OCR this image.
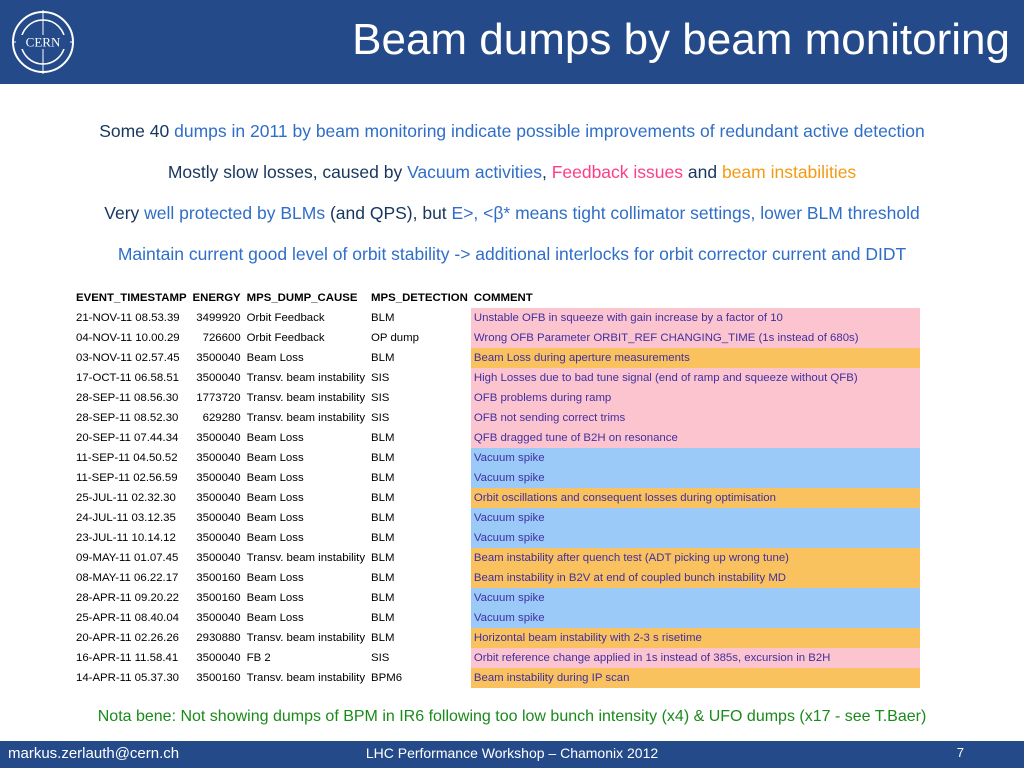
CERN	Beam dumps by beam monitoring
Some 40 dumps in 2011 by beam monitoring indicate possible improvements of redundant active detection
Mostly slow losses, caused by Vacuum activities, Feedback issues and beam instabilities
Very well protected by BLMs (and QPS), but E>, <β* means tight collimator settings, lower BLM threshold
Maintain current good level of orbit stability -> additional interlocks for orbit corrector current and DIDT
EVENT_TIMESTAMP	ENERGY	MPS_DUMP_CAUSE	MPS_DETECTION	COMMENT
21-NOV-11 08.53.39	3499920	Orbit Feedback	BLM	Unstable OFB in squeeze with gain increase by a factor of 10
04-NOV-11 10.00.29	726600	Orbit Feedback	OP dump	Wrong OFB Parameter ORBIT_REF CHANGING_TIME (1s instead of 680s)
03-NOV-11 02.57.45	3500040	Beam Loss	BLM	Beam Loss during aperture measurements
17-OCT-11 06.58.51	3500040	Transv. beam instability	SIS	High Losses due to bad tune signal (end of ramp and squeeze without QFB)
28-SEP-11 08.56.30	1773720	Transv. beam instability	SIS	OFB problems during ramp
28-SEP-11 08.52.30	629280	Transv. beam instability	SIS	OFB not sending correct trims
20-SEP-11 07.44.34	3500040	Beam Loss	BLM	QFB dragged tune of B2H on resonance
11-SEP-11 04.50.52	3500040	Beam Loss	BLM	Vacuum spike
11-SEP-11 02.56.59	3500040	Beam Loss	BLM	Vacuum spike
25-JUL-11 02.32.30	3500040	Beam Loss	BLM	Orbit oscillations and consequent losses during optimisation
24-JUL-11 03.12.35	3500040	Beam Loss	BLM	Vacuum spike
23-JUL-11 10.14.12	3500040	Beam Loss	BLM	Vacuum spike
09-MAY-11 01.07.45	3500040	Transv. beam instability	BLM	Beam instability after quench test (ADT picking up wrong tune)
08-MAY-11 06.22.17	3500160	Beam Loss	BLM	Beam instability in B2V at end of coupled bunch instability MD
28-APR-11 09.20.22	3500160	Beam Loss	BLM	Vacuum spike
25-APR-11 08.40.04	3500040	Beam Loss	BLM	Vacuum spike
20-APR-11 02.26.26	2930880	Transv. beam instability	BLM	Horizontal beam instability with 2-3 s risetime
16-APR-11 11.58.41	3500040	FB 2	SIS	Orbit reference change applied in 1s instead of 385s, excursion in B2H
14-APR-11 05.37.30	3500160	Transv. beam instability	BPM6	Beam instability during IP scan
Nota bene: Not showing dumps of BPM in IR6 following too low bunch intensity (x4) & UFO dumps (x17 - see T.Baer)
markus.zerlauth@cern.ch	LHC Performance Workshop – Chamonix 2012	7
